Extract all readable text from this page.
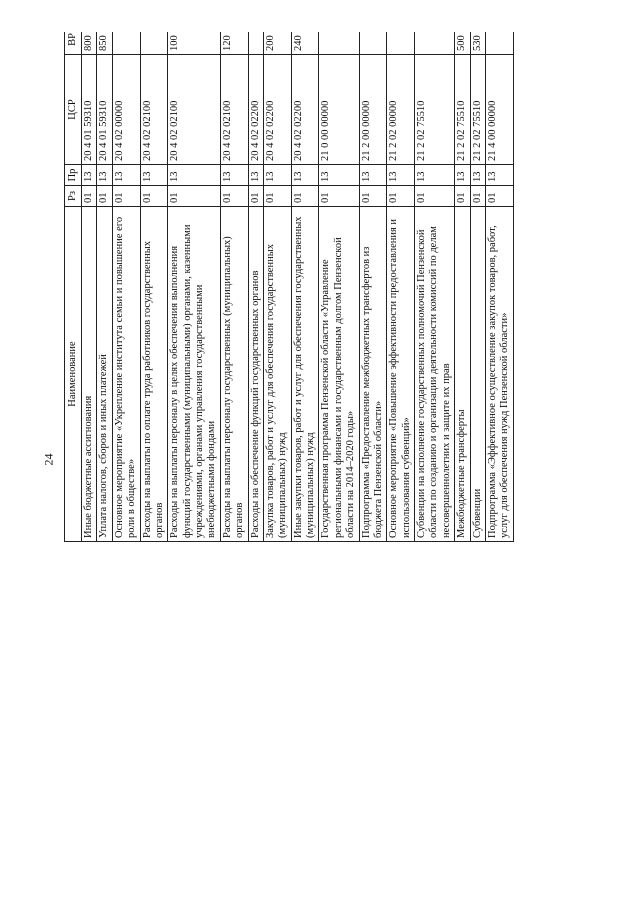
24
Наименование	Рз	Пр	ЦСР	ВР			
Иные бюджетные ассигнования	01	13	20 4 01 59310	800			
Уплата налогов, сборов и иных платежей	01	13	20 4 01 59310	850			
Основное мероприятие «Укрепление института семьи и повышение его роли в обществе»	01	13	20 4 02 00000				
Расходы на выплаты по оплате труда работников государственных органов	01	13	20 4 02 02100				
Расходы на выплаты персоналу в целях обеспечения выполнения функций государственными (муниципальными) органами, казенными учреждениями, органами управления государственными внебюджетными фондами	01	13	20 4 02 02100	100			
Расходы на выплаты персоналу государственных (муниципальных) органов	01	13	20 4 02 02100	120			
Расходы на обеспечение функций государственных органов	01	13	20 4 02 02200				
Закупка товаров, работ и услуг для обеспечения государственных (муниципальных) нужд	01	13	20 4 02 02200	200			
Иные закупки товаров, работ и услуг для обеспечения государственных (муниципальных) нужд	01	13	20 4 02 02200	240			
Государственная программа Пензенской области «Управление региональными финансами и государственным долгом Пензенской области на 2014–2020 годы»	01	13	21 0 00 00000				
Подпрограмма «Предоставление межбюджетных трансфертов из бюджета Пензенской области»	01	13	21 2 00 00000				
Основное мероприятие «Повышение эффективности предоставления и использования субвенций»	01	13	21 2 02 00000				
Субвенции на исполнение государственных полномочий Пензенской области по созданию и организации деятельности комиссий по делам несовершеннолетних и защите их прав	01	13	21 2 02 75510				
Межбюджетные трансферты	01	13	21 2 02 75510	500			
Субвенции	01	13	21 2 02 75510	530			
Подпрограмма «Эффективное осуществление закупок товаров, работ, услуг для обеспечения нужд Пензенской области»	01	13	21 4 00 00000				
